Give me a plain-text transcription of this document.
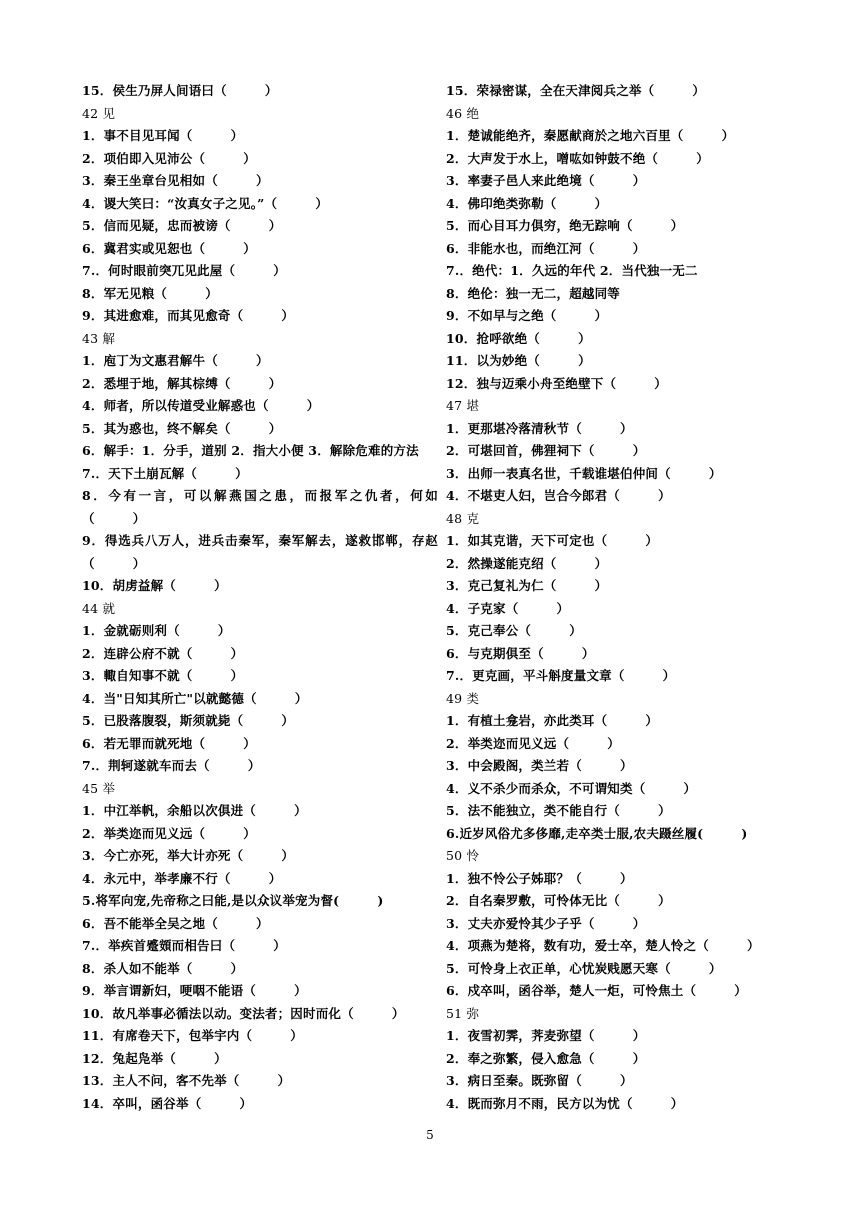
15．侯生乃屏人间语曰（　　　）
42 见
1．事不目见耳闻（　　　）
2．项伯即入见沛公（　　　）
3．秦王坐章台见相如（　　　）
4．谡大笑曰：“汝真女子之见。”（　　　）
5．信而见疑，忠而被谤（　　　）
6．冀君实或见恕也（　　　）
7.．何时眼前突兀见此屋（　　　）
8．军无见粮（　　　）
9．其进愈难，而其见愈奇（　　　）
43 解
1．庖丁为文惠君解牛（　　　）
2．悉埋于地，解其棕缚（　　　）
4．师者，所以传道受业解惑也（　　　）
5．其为惑也，终不解矣（　　　）
6．解手：1．分手，道别 2．指大小便 3．解除危难的方法
7.．天下土崩瓦解（　　　）
8．今有一言，可以解燕国之患，而报军之仇者，何如（　　　）
9．得选兵八万人，进兵击秦军，秦军解去，遂救邯郸，存赵（　　　）
10．胡虏益解（　　　）
44 就
1．金就砺则利（　　　）
2．连辟公府不就（　　　）
3．輙自知事不就（　　　）
4．当"日知其所亡"以就懿德（　　　）
5．已股落腹裂，斯须就毙（　　　）
6．若无罪而就死地（　　　）
7.．荆轲遂就车而去（　　　）
45 举
1．中江举帆，余船以次俱进（　　　）
2．举类迩而见义远（　　　）
3．今亡亦死，举大计亦死（　　　）
4．永元中，举孝廉不行（　　　）
5.将军向宠,先帝称之曰能,是以众议举宠为督(　　　)
6．吾不能举全吴之地（　　　）
7.．举疾首蹙頞而相告曰（　　　）
8．杀人如不能举（　　　）
9．举言谓新妇，哽咽不能语（　　　）
10．故凡举事必循法以动。变法者；因时而化（　　　）
11．有席卷天下，包举宇内（　　　）
12．兔起凫举（　　　）
13．主人不问，客不先举（　　　）
14．卒叫，函谷举（　　　）
15．荣禄密谋，全在天津阅兵之举（　　　）
46 绝
1．楚诚能绝齐，秦愿献商於之地六百里（　　　）
2．大声发于水上，噌吰如钟鼓不绝（　　　）
3．率妻子邑人来此绝境（　　　）
4．佛印绝类弥勒（　　　）
5．而心目耳力俱穷，绝无踪响（　　　）
6．非能水也，而绝江河（　　　）
7.．绝代：1．久远的年代 2．当代独一无二
8．绝伦：独一无二，超越同等
9．不如早与之绝（　　　）
10．抢呼欲绝（　　　）
11．以为妙绝（　　　）
12．独与迈乘小舟至绝壁下（　　　）
47 堪
1．更那堪冷落清秋节（　　　）
2．可堪回首，佛狸祠下（　　　）
3．出师一表真名世，千载谁堪伯仲间（　　　）
4．不堪吏人妇，岂合今郎君（　　　）
48 克
1．如其克谐，天下可定也（　　　）
2．然操遂能克绍（　　　）
3．克己复礼为仁（　　　）
4．子克家（　　　）
5．克己奉公（　　　）
6．与克期俱至（　　　）
7.．更克画，平斗斛度量文章（　　　）
49 类
1．有植土龛岩，亦此类耳（　　　）
2．举类迩而见义远（　　　）
3．中会殿阁，类兰若（　　　）
4．义不杀少而杀众，不可谓知类（　　　）
5．法不能独立，类不能自行（　　　）
6.近岁风俗尤多侈靡,走卒类士服,农夫蹑丝履(　　　)
50 怜
1．独不怜公子姊耶？（　　　）
2．自名秦罗敷，可怜体无比（　　　）
3．丈夫亦爱怜其少子乎（　　　）
4．项燕为楚将，数有功，爱士卒，楚人怜之（　　　）
5．可怜身上衣正单，心忧炭贱愿天寒（　　　）
6．戍卒叫，函谷举，楚人一炬，可怜焦土（　　　）
51 弥
1．夜雪初霁，荠麦弥望（　　　）
2．奉之弥繁，侵入愈急（　　　）
3．病日至秦。既弥留（　　　）
4．既而弥月不雨，民方以为忧（　　　）
5
